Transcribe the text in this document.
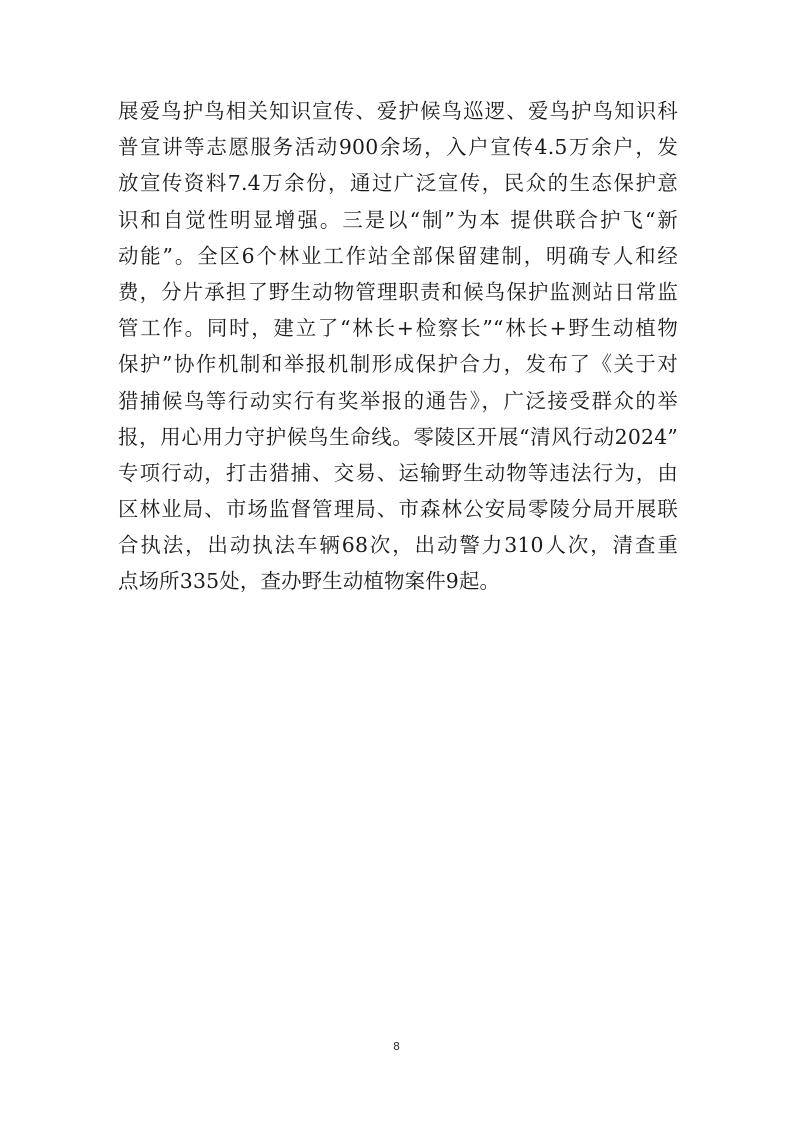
展爱鸟护鸟相关知识宣传、爱护候鸟巡逻、爱鸟护鸟知识科
普宣讲等志愿服务活动900余场，入户宣传4.5万余户，发
放宣传资料7.4万余份，通过广泛宣传，民众的生态保护意
识和自觉性明显增强。三是以“制”为本 提供联合护飞“新
动能”。全区6个林业工作站全部保留建制，明确专人和经
费，分片承担了野生动物管理职责和候鸟保护监测站日常监
管工作。同时，建立了“林长+检察长”“林长+野生动植物
保护”协作机制和举报机制形成保护合力，发布了《关于对
猎捕候鸟等行动实行有奖举报的通告》，广泛接受群众的举
报，用心用力守护候鸟生命线。零陵区开展“清风行动2024”
专项行动，打击猎捕、交易、运输野生动物等违法行为，由
区林业局、市场监督管理局、市森林公安局零陵分局开展联
合执法，出动执法车辆68次，出动警力310人次，清查重
点场所335处，查办野生动植物案件9起。
8
